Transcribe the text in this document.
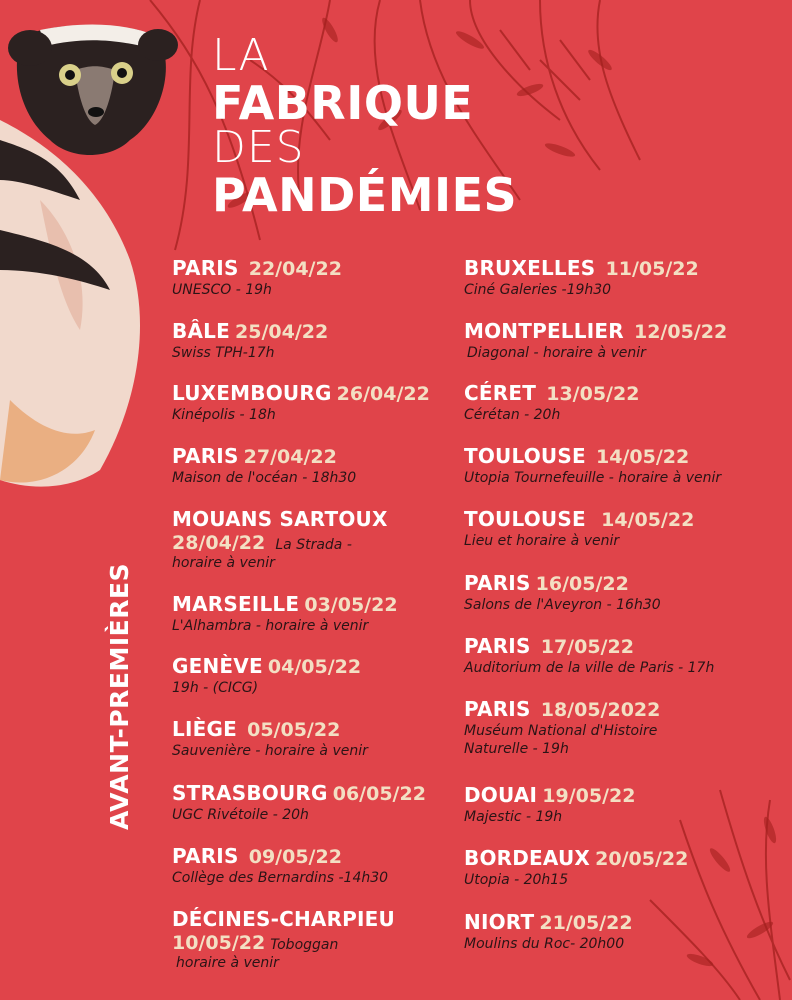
LA
FABRIQUE
DES
PANDÉMIES
AVANT-PREMIÈRES
PARIS 22/04/22
UNESCO - 19h
BÂLE 25/04/22
Swiss TPH-17h
LUXEMBOURG 26/04/22
Kinépolis - 18h
PARIS 27/04/22
Maison de l'océan - 18h30
MOUANS SARTOUX
28/04/22 La Strada -
horaire à venir
MARSEILLE 03/05/22
L'Alhambra - horaire à venir
GENÈVE 04/05/22
19h - (CICG)
LIÈGE 05/05/22
Sauvenière - horaire à venir
STRASBOURG 06/05/22
UGC Rivétoile - 20h
PARIS 09/05/22
Collège des Bernardins -14h30
DÉCINES-CHARPIEU
10/05/22 Toboggan
horaire à venir
BRUXELLES 11/05/22
Ciné Galeries -19h30
MONTPELLIER 12/05/22
Diagonal - horaire à venir
CÉRET 13/05/22
Cérétan - 20h
TOULOUSE 14/05/22
Utopia Tournefeuille - horaire à venir
TOULOUSE 14/05/22
Lieu et horaire à venir
PARIS 16/05/22
Salons de l'Aveyron - 16h30
PARIS 17/05/22
Auditorium de la ville de Paris - 17h
PARIS 18/05/2022
Muséum National d'Histoire
Naturelle - 19h
DOUAI 19/05/22
Majestic - 19h
BORDEAUX 20/05/22
Utopia - 20h15
NIORT 21/05/22
Moulins du Roc- 20h00
